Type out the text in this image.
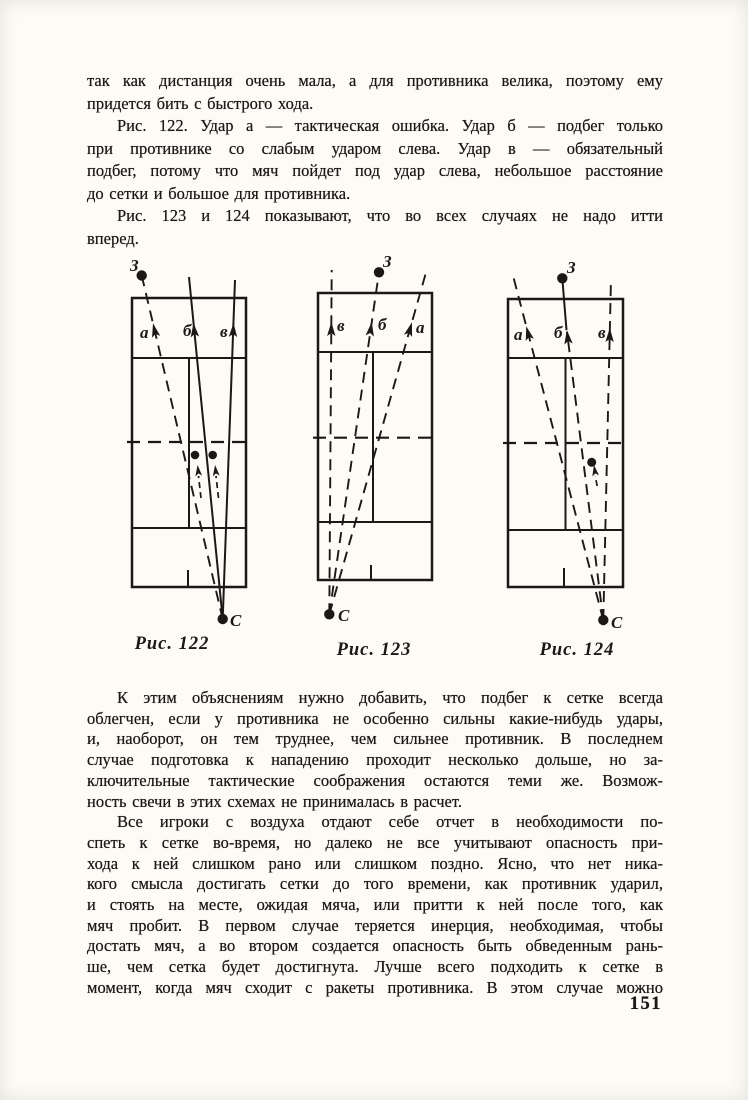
так как дистанция очень мала, а для противника велика, поэтому ему
придется бить с быстрого хода.
Рис. 122. Удар а — тактическая ошибка. Удар б — подбег только
при противнике со слабым ударом слева. Удар в — обязательный
подбег, потому что мяч пойдет под удар слева, небольшое расстояние
до сетки и большое для противника.
Рис. 123 и 124 показывают, что во всех случаях не надо итти
вперед.
З
С
а б в
Рис. 122
З
С
в б а
Рис. 123
З
С
а б в
Рис. 124
К этим объяснениям нужно добавить, что подбег к сетке всегда
облегчен, если у противника не особенно сильны какие-нибудь удары,
и, наоборот, он тем труднее, чем сильнее противник. В последнем
случае подготовка к нападению проходит несколько дольше, но за-
ключительные тактические соображения остаются теми же. Возмож-
ность свечи в этих схемах не принималась в расчет.
Все игроки с воздуха отдают себе отчет в необходимости по-
спеть к сетке во-время, но далеко не все учитывают опасность при-
хода к ней слишком рано или слишком поздно. Ясно, что нет ника-
кого смысла достигать сетки до того времени, как противник ударил,
и стоять на месте, ожидая мяча, или притти к ней после того, как
мяч пробит. В первом случае теряется инерция, необходимая, чтобы
достать мяч, а во втором создается опасность быть обведенным рань-
ше, чем сетка будет достигнута. Лучше всего подходить к сетке в
момент, когда мяч сходит с ракеты противника. В этом случае можно
151
